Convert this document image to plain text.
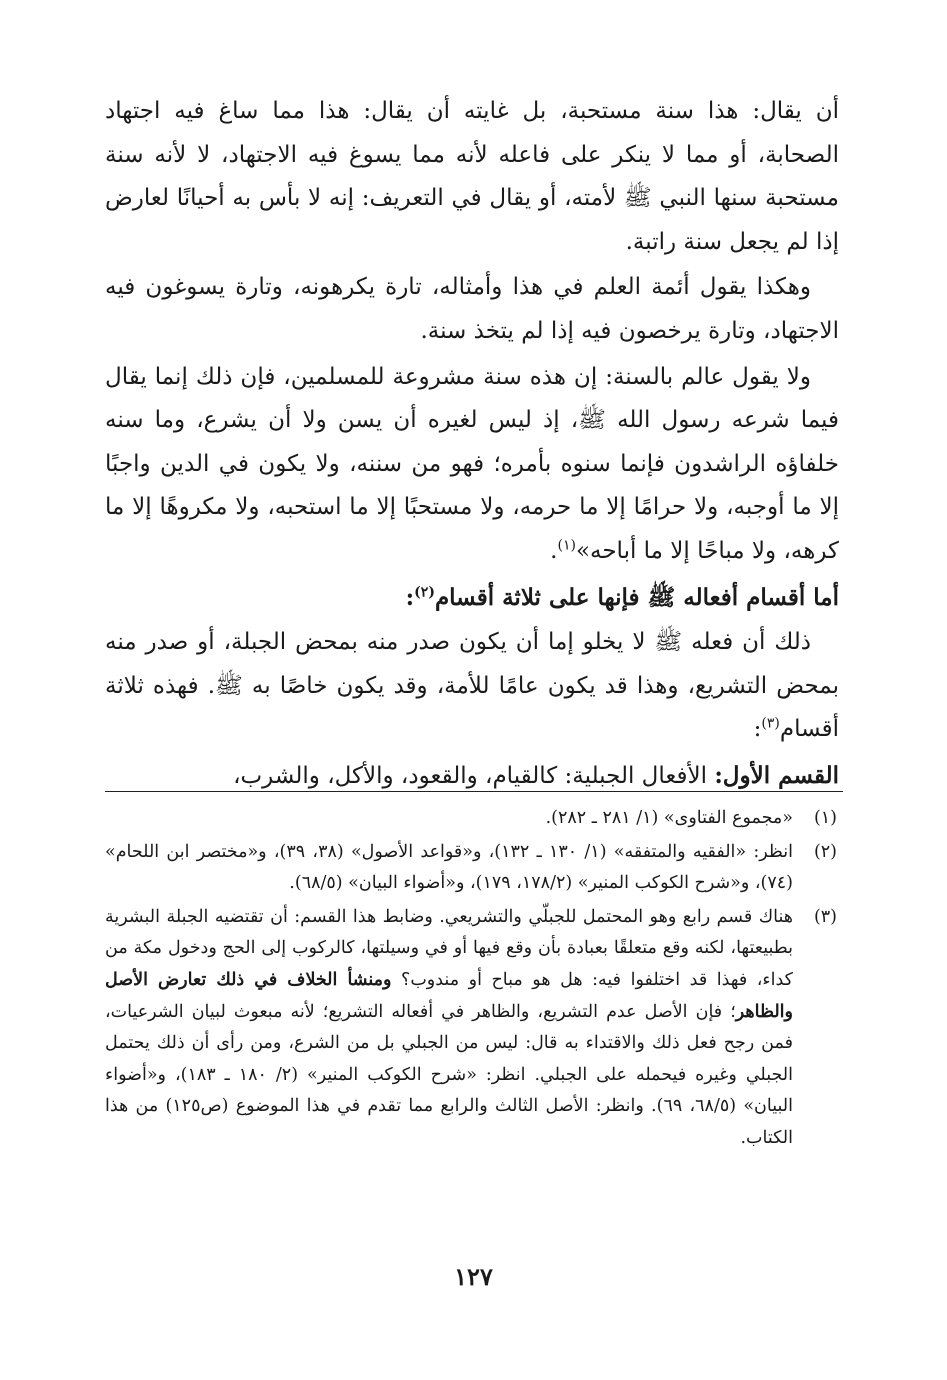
أن يقال: هذا سنة مستحبة، بل غايته أن يقال: هذا مما ساغ فيه اجتهاد الصحابة، أو مما لا ينكر على فاعله لأنه مما يسوغ فيه الاجتهاد، لا لأنه سنة مستحبة سنها النبي ﷺ لأمته، أو يقال في التعريف: إنه لا بأس به أحيانًا لعارض إذا لم يجعل سنة راتبة.

وهكذا يقول أئمة العلم في هذا وأمثاله، تارة يكرهونه، وتارة يسوغون فيه الاجتهاد، وتارة يرخصون فيه إذا لم يتخذ سنة.

ولا يقول عالم بالسنة: إن هذه سنة مشروعة للمسلمين، فإن ذلك إنما يقال فيما شرعه رسول الله ﷺ، إذ ليس لغيره أن يسن ولا أن يشرع، وما سنه خلفاؤه الراشدون فإنما سنوه بأمره؛ فهو من سننه، ولا يكون في الدين واجبًا إلا ما أوجبه، ولا حرامًا إلا ما حرمه، ولا مستحبًا إلا ما استحبه، ولا مكروهًا إلا ما كرهه، ولا مباحًا إلا ما أباحه»$^{(١)}$.

أما أقسام أفعاله ﷺ فإنها على ثلاثة أقسام$^{(٢)}$:

ذلك أن فعله ﷺ لا يخلو إما أن يكون صدر منه بمحض الجبلة، أو صدر منه بمحض التشريع، وهذا قد يكون عامًا للأمة، وقد يكون خاصًا به ﷺ. فهذه ثلاثة أقسام$^{(٣)}$:

القسم الأول: الأفعال الجبلية: كالقيام، والقعود، والأكل، والشرب،

(١)
«مجموع الفتاوى» (١/ ٢٨١ ـ ٢٨٢).
(٢)
انظر: «الفقيه والمتفقه» (١/ ١٣٠ ـ ١٣٢)، و«قواعد الأصول» (٣٨، ٣٩)، و«مختصر ابن اللحام» (٧٤)، و«شرح الكوكب المنير» (١٧٨/٢، ١٧٩)، و«أضواء البيان» (٦٨/٥).
(٣)
هناك قسم رابع وهو المحتمل للجبلّي والتشريعي. وضابط هذا القسم: أن تقتضيه الجبلة البشرية بطبيعتها، لكنه وقع متعلقًا بعبادة بأن وقع فيها أو في وسيلتها، كالركوب إلى الحج ودخول مكة من كداء، فهذا قد اختلفوا فيه: هل هو مباح أو مندوب؟ ومنشأ الخلاف في ذلك تعارض الأصل والظاهر؛ فإن الأصل عدم التشريع، والظاهر في أفعاله التشريع؛ لأنه مبعوث لبيان الشرعيات، فمن رجح فعل ذلك والاقتداء به قال: ليس من الجبلي بل من الشرع، ومن رأى أن ذلك يحتمل الجبلي وغيره فيحمله على الجبلي. انظر: «شرح الكوكب المنير» (٢/ ١٨٠ ـ ١٨٣)، و«أضواء البيان» (٦٨/٥، ٦٩). وانظر: الأصل الثالث والرابع مما تقدم في هذا الموضوع (ص١٢٥) من هذا الكتاب.
١٢٧
